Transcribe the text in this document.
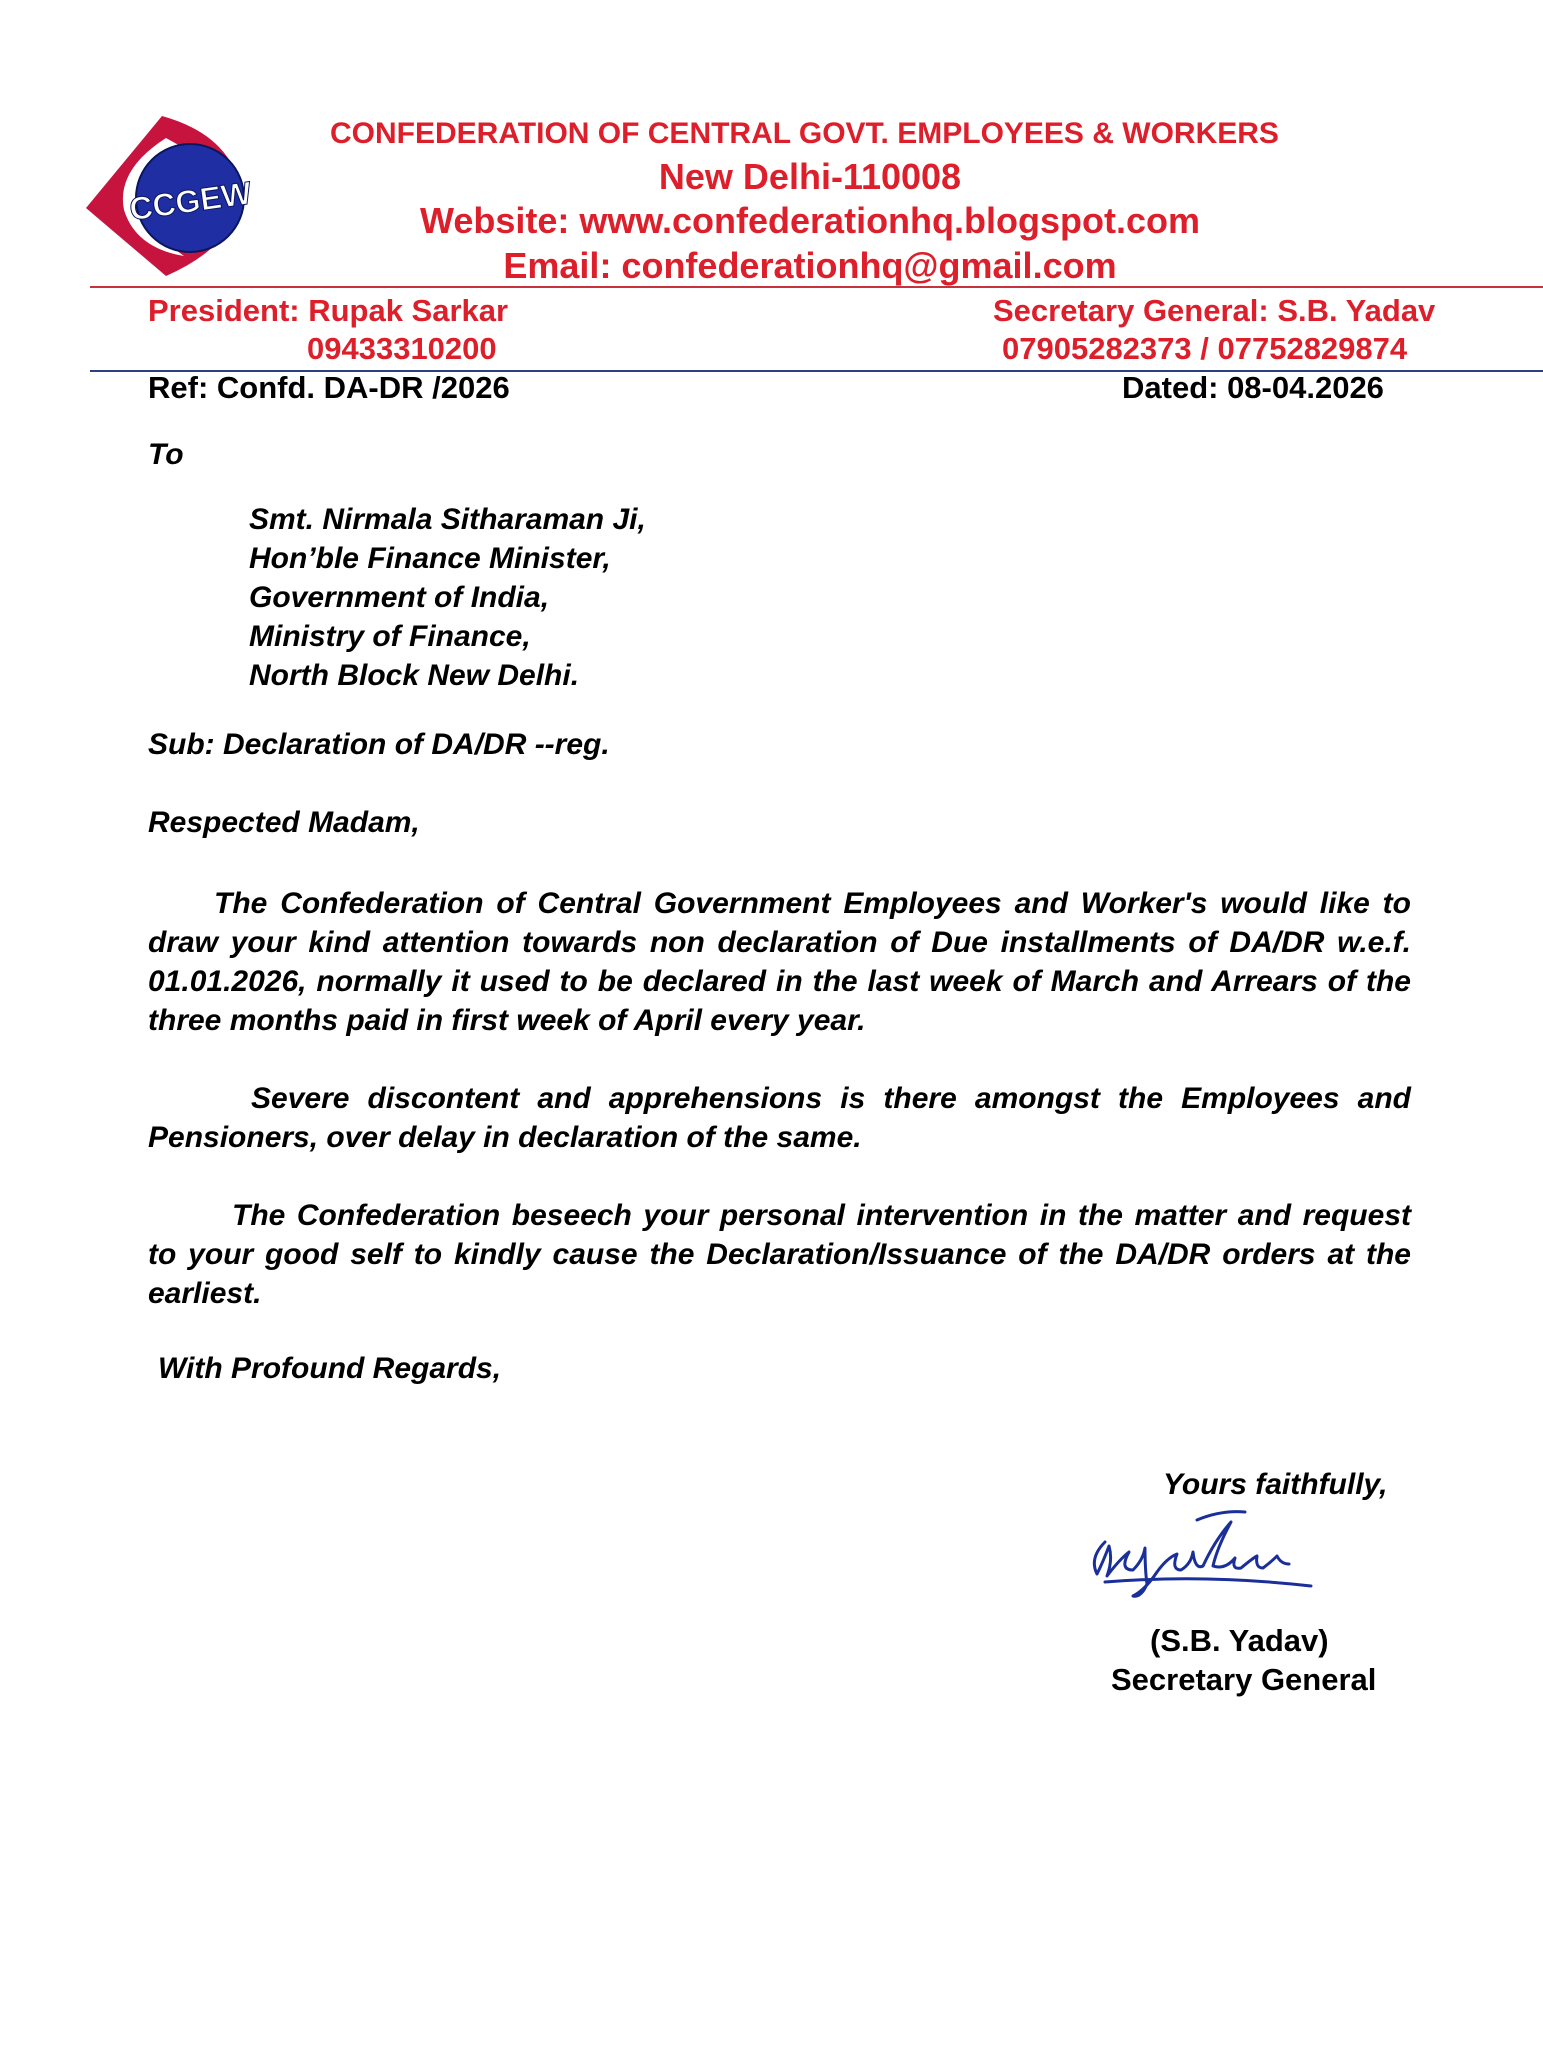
CCGEW
CONFEDERATION OF CENTRAL GOVT. EMPLOYEES & WORKERS
New Delhi-110008
Website: www.confederationhq.blogspot.com
Email: confederationhq@gmail.com
President: Rupak Sarkar
09433310200
Secretary General: S.B. Yadav
07905282373 / 07752829874
Ref: Confd. DA-DR /2026	Dated: 08-04.2026
To
Smt. Nirmala Sitharaman Ji,
Hon’ble Finance Minister,
Government of India,
Ministry of Finance,
North Block New Delhi.
Sub: Declaration of DA/DR --reg.
Respected Madam,
The Confederation of Central Government Employees and Worker's would like to draw your kind attention towards non declaration of Due installments of DA/DR w.e.f. 01.01.2026, normally it used to be declared in the last week of March and Arrears of the three months paid in first week of April every year.
Severe discontent and apprehensions is there amongst the Employees and Pensioners, over delay in declaration of the same.
The Confederation beseech your personal intervention in the matter and request to your good self to kindly cause the Declaration/Issuance of the DA/DR orders at the earliest.
With Profound Regards,
Yours faithfully,
(S.B. Yadav)
Secretary General
